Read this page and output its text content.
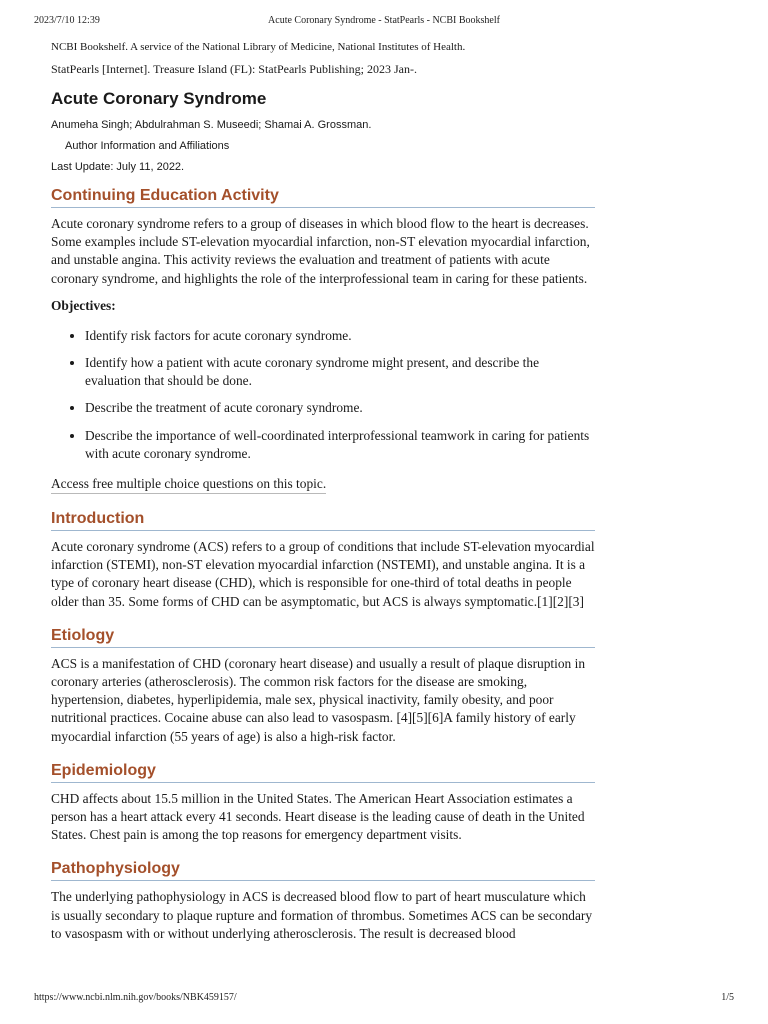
2023/7/10 12:39	Acute Coronary Syndrome - StatPearls - NCBI Bookshelf

NCBI Bookshelf. A service of the National Library of Medicine, National Institutes of Health.

StatPearls [Internet]. Treasure Island (FL): StatPearls Publishing; 2023 Jan-.

Acute Coronary Syndrome

Anumeha Singh; Abdulrahman S. Museedi; Shamai A. Grossman.

Author Information and Affiliations

Last Update: July 11, 2022.

Continuing Education Activity

Acute coronary syndrome refers to a group of diseases in which blood flow to the heart is decreases. Some examples include ST-elevation myocardial infarction, non-ST elevation myocardial infarction, and unstable angina. This activity reviews the evaluation and treatment of patients with acute coronary syndrome, and highlights the role of the interprofessional team in caring for these patients.

Objectives:

• Identify risk factors for acute coronary syndrome.
• Identify how a patient with acute coronary syndrome might present, and describe the evaluation that should be done.
• Describe the treatment of acute coronary syndrome.
• Describe the importance of well-coordinated interprofessional teamwork in caring for patients with acute coronary syndrome.
Access free multiple choice questions on this topic.
Introduction

Acute coronary syndrome (ACS) refers to a group of conditions that include ST-elevation myocardial infarction (STEMI), non-ST elevation myocardial infarction (NSTEMI), and unstable angina. It is a type of coronary heart disease (CHD), which is responsible for one-third of total deaths in people older than 35. Some forms of CHD can be asymptomatic, but ACS is always symptomatic.[1][2][3]

Etiology

ACS is a manifestation of CHD (coronary heart disease) and usually a result of plaque disruption in coronary arteries (atherosclerosis). The common risk factors for the disease are smoking, hypertension, diabetes, hyperlipidemia, male sex, physical inactivity, family obesity, and poor nutritional practices. Cocaine abuse can also lead to vasospasm. [4][5][6]A family history of early myocardial infarction (55 years of age) is also a high-risk factor.

Epidemiology

CHD affects about 15.5 million in the United States. The American Heart Association estimates a person has a heart attack every 41 seconds. Heart disease is the leading cause of death in the United States. Chest pain is among the top reasons for emergency department visits.

Pathophysiology

The underlying pathophysiology in ACS is decreased blood flow to part of heart musculature which is usually secondary to plaque rupture and formation of thrombus. Sometimes ACS can be secondary to vasospasm with or without underlying atherosclerosis. The result is decreased blood

https://www.ncbi.nlm.nih.gov/books/NBK459157/	1/5
